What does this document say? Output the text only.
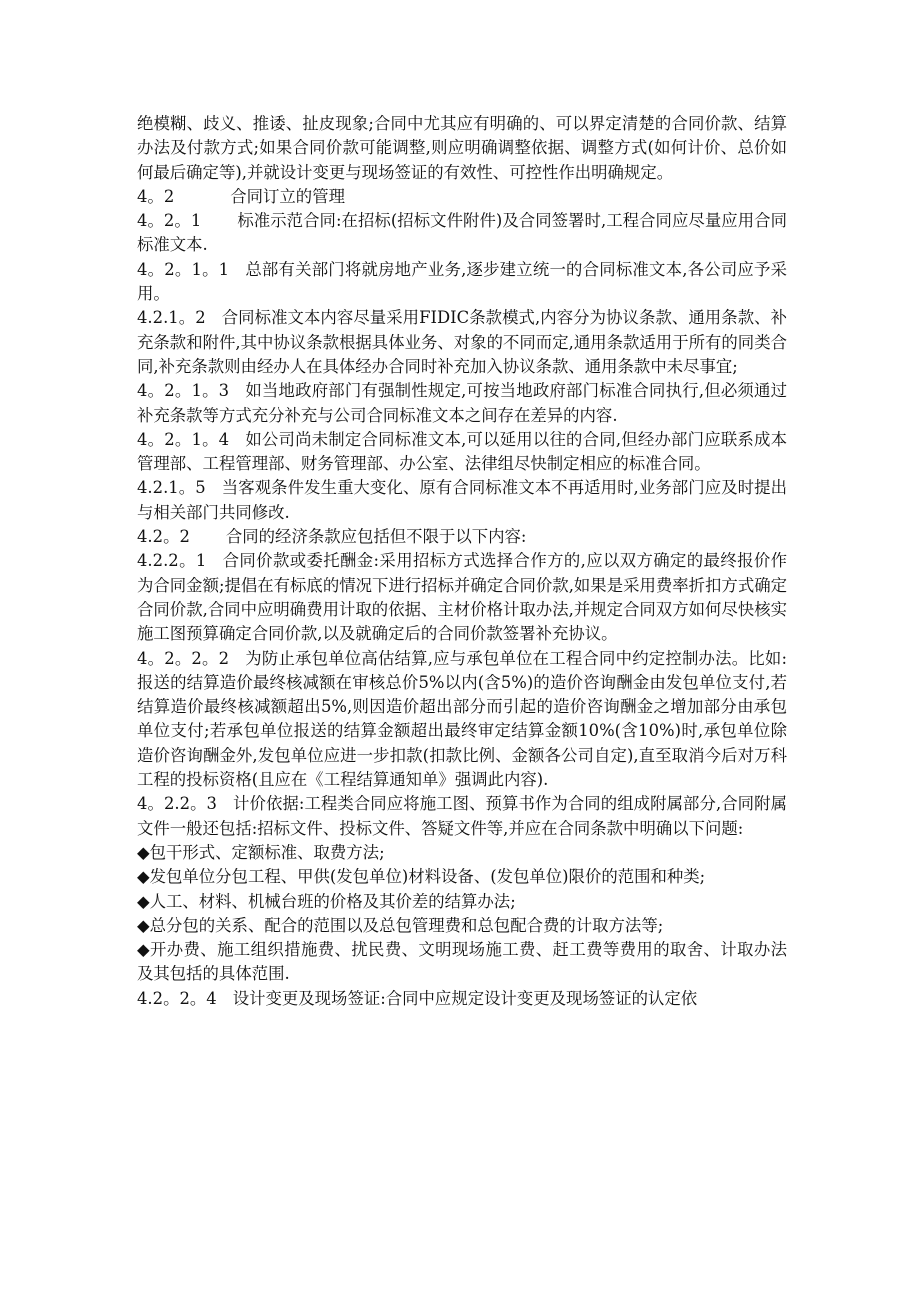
绝模糊、歧义、推诿、扯皮现象;合同中尤其应有明确的、可以界定清楚的合同价款、结算办法及付款方式;如果合同价款可能调整,则应明确调整依据、调整方式(如何计价、总价如何最后确定等),并就设计变更与现场签证的有效性、可控性作出明确规定。

4。2	合同订立的管理

4。2。1 标准示范合同:在招标(招标文件附件)及合同签署时,工程合同应尽量应用合同标准文本.

4。2。1。1 总部有关部门将就房地产业务,逐步建立统一的合同标准文本,各公司应予采用。

4.2.1。2 合同标准文本内容尽量采用FIDIC条款模式,内容分为协议条款、通用条款、补充条款和附件,其中协议条款根据具体业务、对象的不同而定,通用条款适用于所有的同类合同,补充条款则由经办人在具体经办合同时补充加入协议条款、通用条款中未尽事宜;

4。2。1。3 如当地政府部门有强制性规定,可按当地政府部门标准合同执行,但必须通过补充条款等方式充分补充与公司合同标准文本之间存在差异的内容.

4。2。1。4 如公司尚未制定合同标准文本,可以延用以往的合同,但经办部门应联系成本管理部、工程管理部、财务管理部、办公室、法律组尽快制定相应的标准合同。

4.2.1。5 当客观条件发生重大变化、原有合同标准文本不再适用时,业务部门应及时提出与相关部门共同修改.

4.2。2 合同的经济条款应包括但不限于以下内容:

4.2.2。1 合同价款或委托酬金:采用招标方式选择合作方的,应以双方确定的最终报价作为合同金额;提倡在有标底的情况下进行招标并确定合同价款,如果是采用费率折扣方式确定合同价款,合同中应明确费用计取的依据、主材价格计取办法,并规定合同双方如何尽快核实施工图预算确定合同价款,以及就确定后的合同价款签署补充协议。

4。2。2。2 为防止承包单位高估结算,应与承包单位在工程合同中约定控制办法。比如:报送的结算造价最终核减额在审核总价5%以内(含5%)的造价咨询酬金由发包单位支付,若结算造价最终核减额超出5%,则因造价超出部分而引起的造价咨询酬金之增加部分由承包单位支付;若承包单位报送的结算金额超出最终审定结算金额10%(含10%)时,承包单位除造价咨询酬金外,发包单位应进一步扣款(扣款比例、金额各公司自定),直至取消今后对万科工程的投标资格(且应在《工程结算通知单》强调此内容).

4。2.2。3 计价依据:工程类合同应将施工图、预算书作为合同的组成附属部分,合同附属文件一般还包括:招标文件、投标文件、答疑文件等,并应在合同条款中明确以下问题:

◆包干形式、定额标准、取费方法;

◆发包单位分包工程、甲供(发包单位)材料设备、(发包单位)限价的范围和种类;

◆人工、材料、机械台班的价格及其价差的结算办法;

◆总分包的关系、配合的范围以及总包管理费和总包配合费的计取方法等;

◆开办费、施工组织措施费、扰民费、文明现场施工费、赶工费等费用的取舍、计取办法及其包括的具体范围.

4.2。2。4 设计变更及现场签证:合同中应规定设计变更及现场签证的认定依
